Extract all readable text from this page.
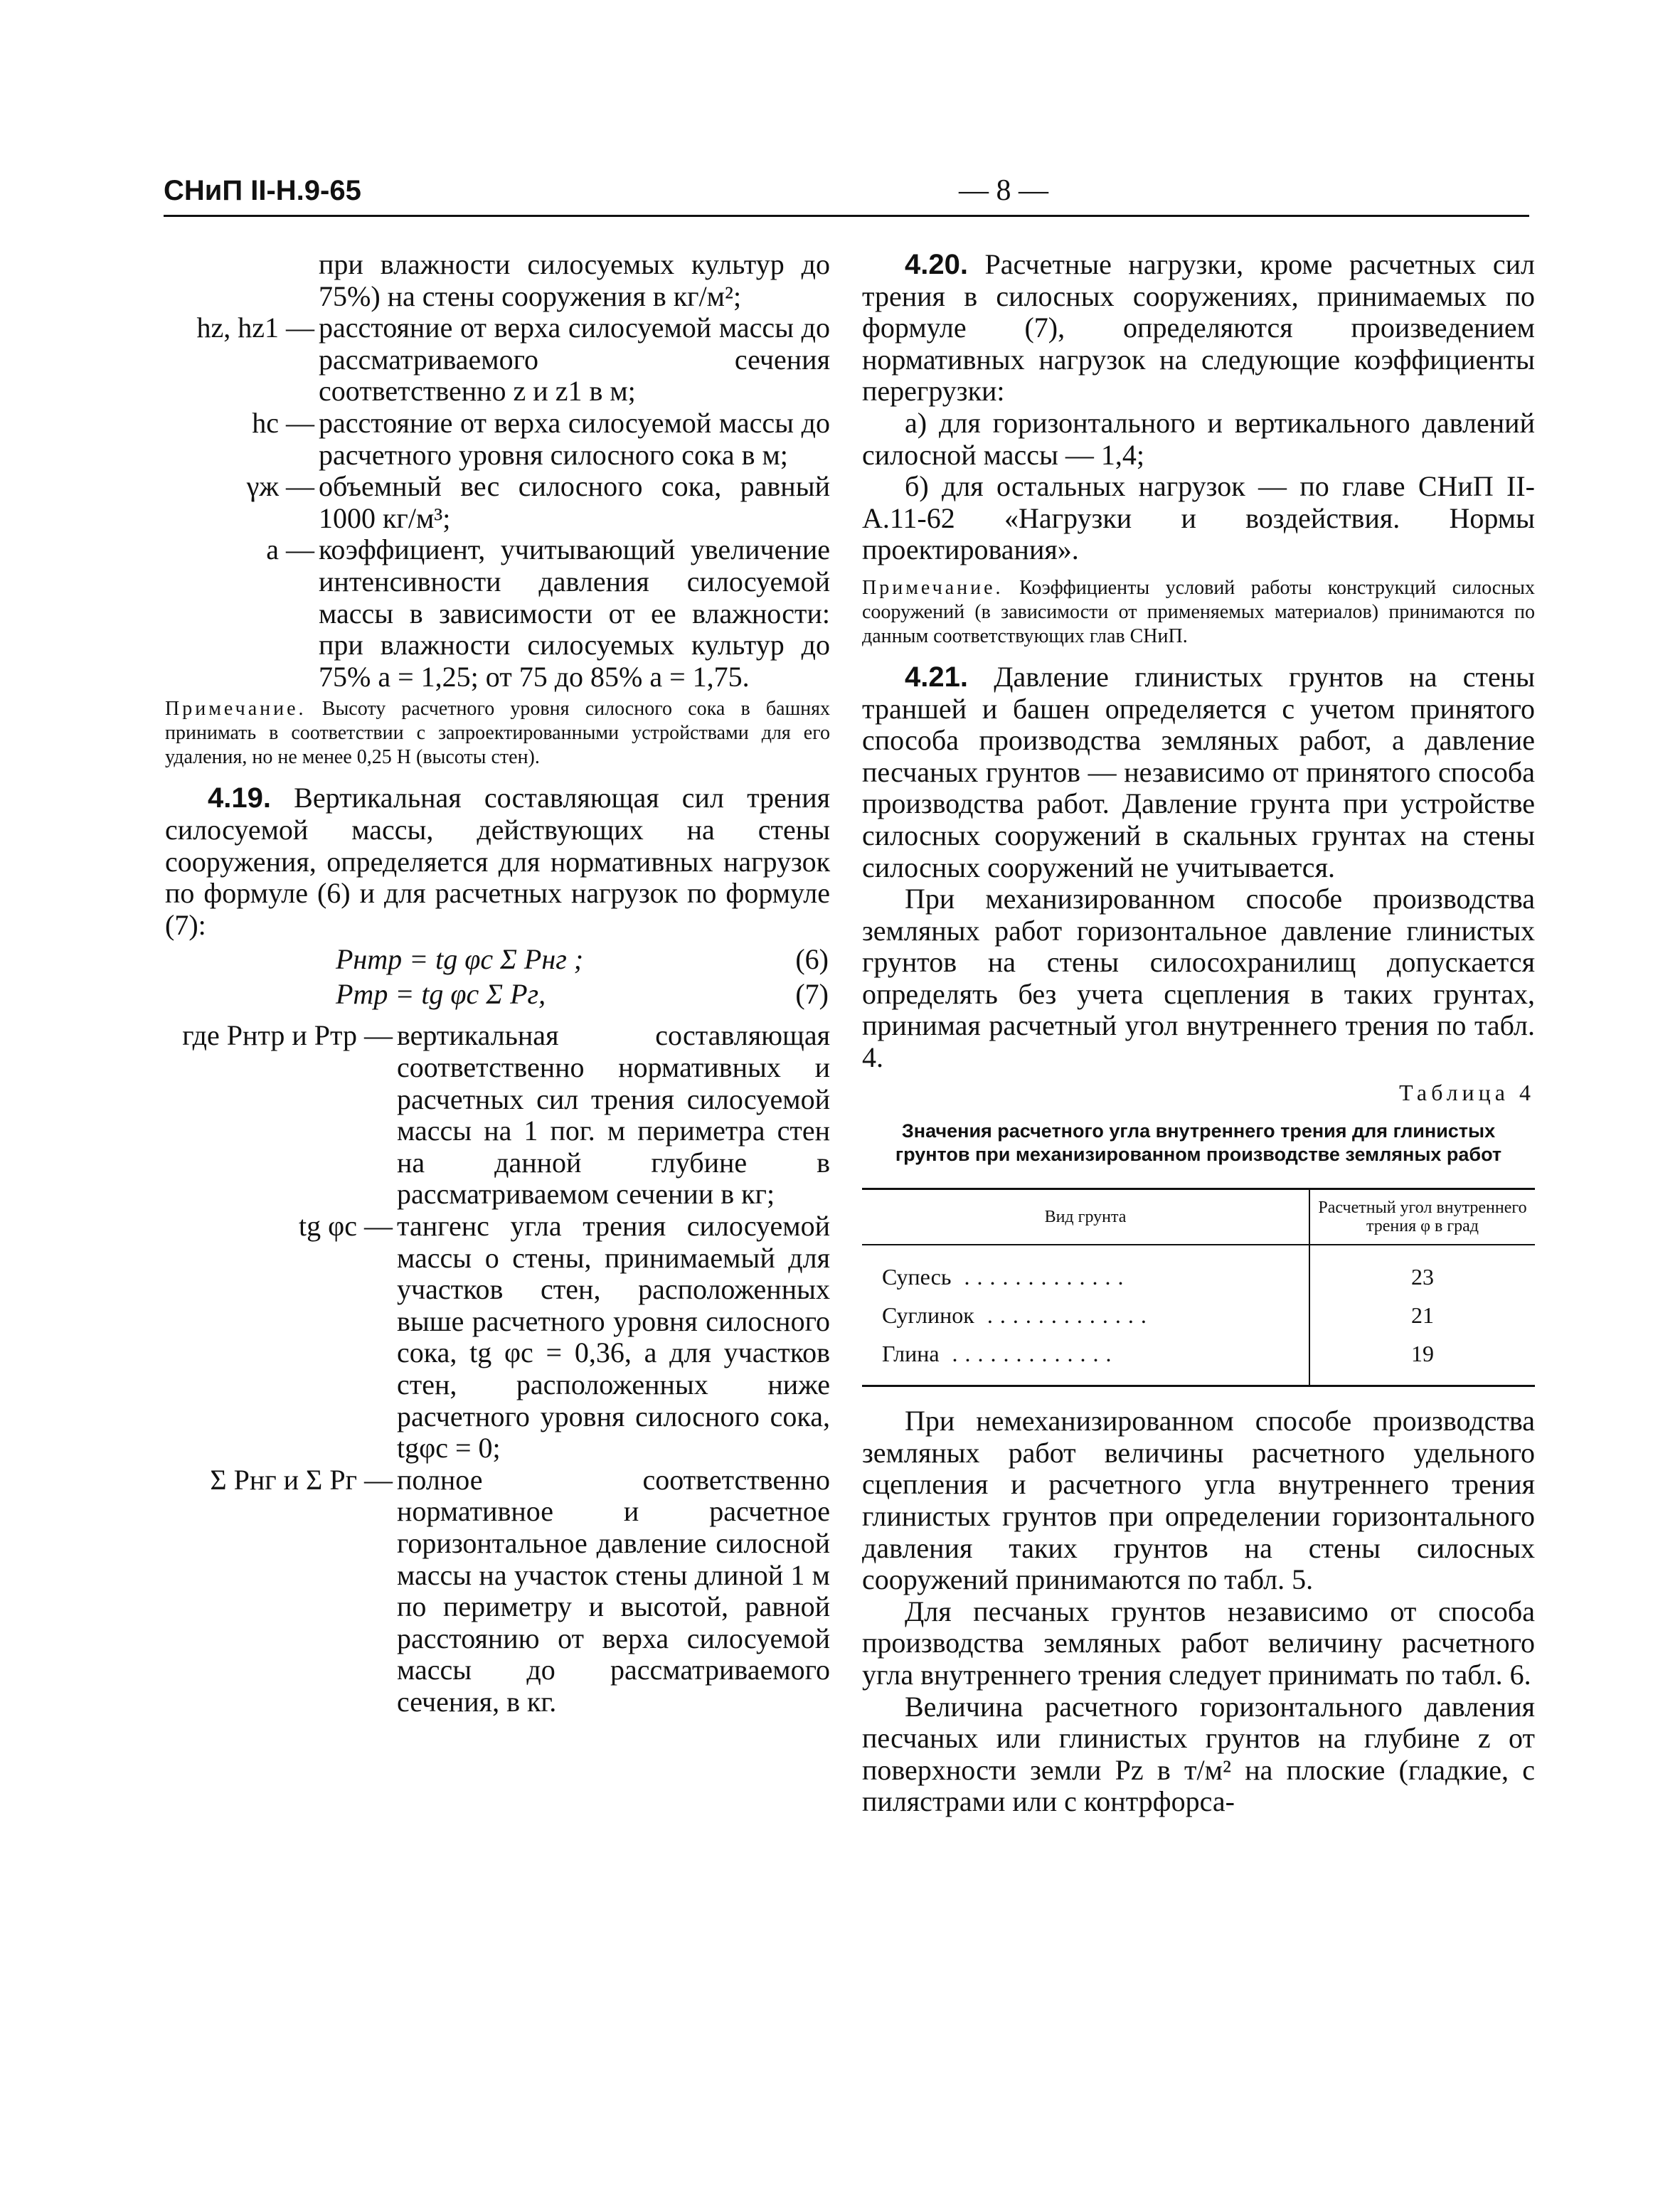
СНиП II-Н.9-65	— 8 —

при влажности силосуемых культур до 75%) на стены сооружения в кг/м²;

hz, hz1 — расстояние от верха силосуемой массы до рассматриваемого сечения соответственно z и z1 в м;
hc — расстояние от верха силосуемой массы до расчетного уровня силосного сока в м;
γж — объемный вес силосного сока, равный 1000 кг/м³;
a — коэффициент, учитывающий увеличение интенсивности давления силосуемой массы в зависимости от ее влажности: при влажности силосуемых культур до 75% a = 1,25; от 75 до 85% a = 1,75.

Примечание. Высоту расчетного уровня силосного сока в башнях принимать в соответствии с запроектированными устройствами для его удаления, но не менее 0,25 H (высоты стен).

4.19. Вертикальная составляющая сил трения силосуемой массы, действующих на стены сооружения, определяется для нормативных нагрузок по формуле (6) и для расчетных нагрузок по формуле (7):

Pнтр = tg φc Σ Pнг ;	(6)
Pтр = tg φc Σ Pг,	(7)
где Pнтр и Pтр — вертикальная составляющая соответственно нормативных и расчетных сил трения силосуемой массы на 1 пог. м периметра стен на данной глубине в рассматриваемом сечении в кг;
tg φc — тангенс угла трения силосуемой массы о стены, принимаемый для участков стен, расположенных выше расчетного уровня силосного сока, tg φc = 0,36, а для участков стен, расположенных ниже расчетного уровня силосного сока, tgφc = 0;
Σ Pнг и Σ Pг — полное соответственно нормативное и расчетное горизонтальное давление силосной массы на участок стены длиной 1 м по периметру и высотой, равной расстоянию от верха силосуемой массы до рассматриваемого сечения, в кг.

4.20. Расчетные нагрузки, кроме расчетных сил трения в силосных сооружениях, принимаемых по формуле (7), определяются произведением нормативных нагрузок на следующие коэффициенты перегрузки:

а) для горизонтального и вертикального давлений силосной массы — 1,4;

б) для остальных нагрузок — по главе СНиП II-А.11-62 «Нагрузки и воздействия. Нормы проектирования».

Примечание. Коэффициенты условий работы конструкций силосных сооружений (в зависимости от применяемых материалов) принимаются по данным соответствующих глав СНиП.

4.21. Давление глинистых грунтов на стены траншей и башен определяется с учетом принятого способа производства земляных работ, а давление песчаных грунтов — независимо от принятого способа производства работ. Давление грунта при устройстве силосных сооружений в скальных грунтах на стены силосных сооружений не учитывается.

При механизированном способе производства земляных работ горизонтальное давление глинистых грунтов на стены силосохранилищ допускается определять без учета сцепления в таких грунтах, принимая расчетный угол внутреннего трения по табл. 4.

Таблица 4
Значения расчетного угла внутреннего трения для глинистых грунтов при механизированном производстве земляных работ
Вид грунта	Расчетный угол внутреннего трения φ в град
Супесь .............	23
Суглинок .............	21
Глина .............	19

При немеханизированном способе производства земляных работ величины расчетного удельного сцепления и расчетного угла внутреннего трения глинистых грунтов при определении горизонтального давления таких грунтов на стены силосных сооружений принимаются по табл. 5.

Для песчаных грунтов независимо от способа производства земляных работ величину расчетного угла внутреннего трения следует принимать по табл. 6.

Величина расчетного горизонтального давления песчаных или глинистых грунтов на глубине z от поверхности земли Pz в т/м² на плоские (гладкие, с пилястрами или с контрфорса-
